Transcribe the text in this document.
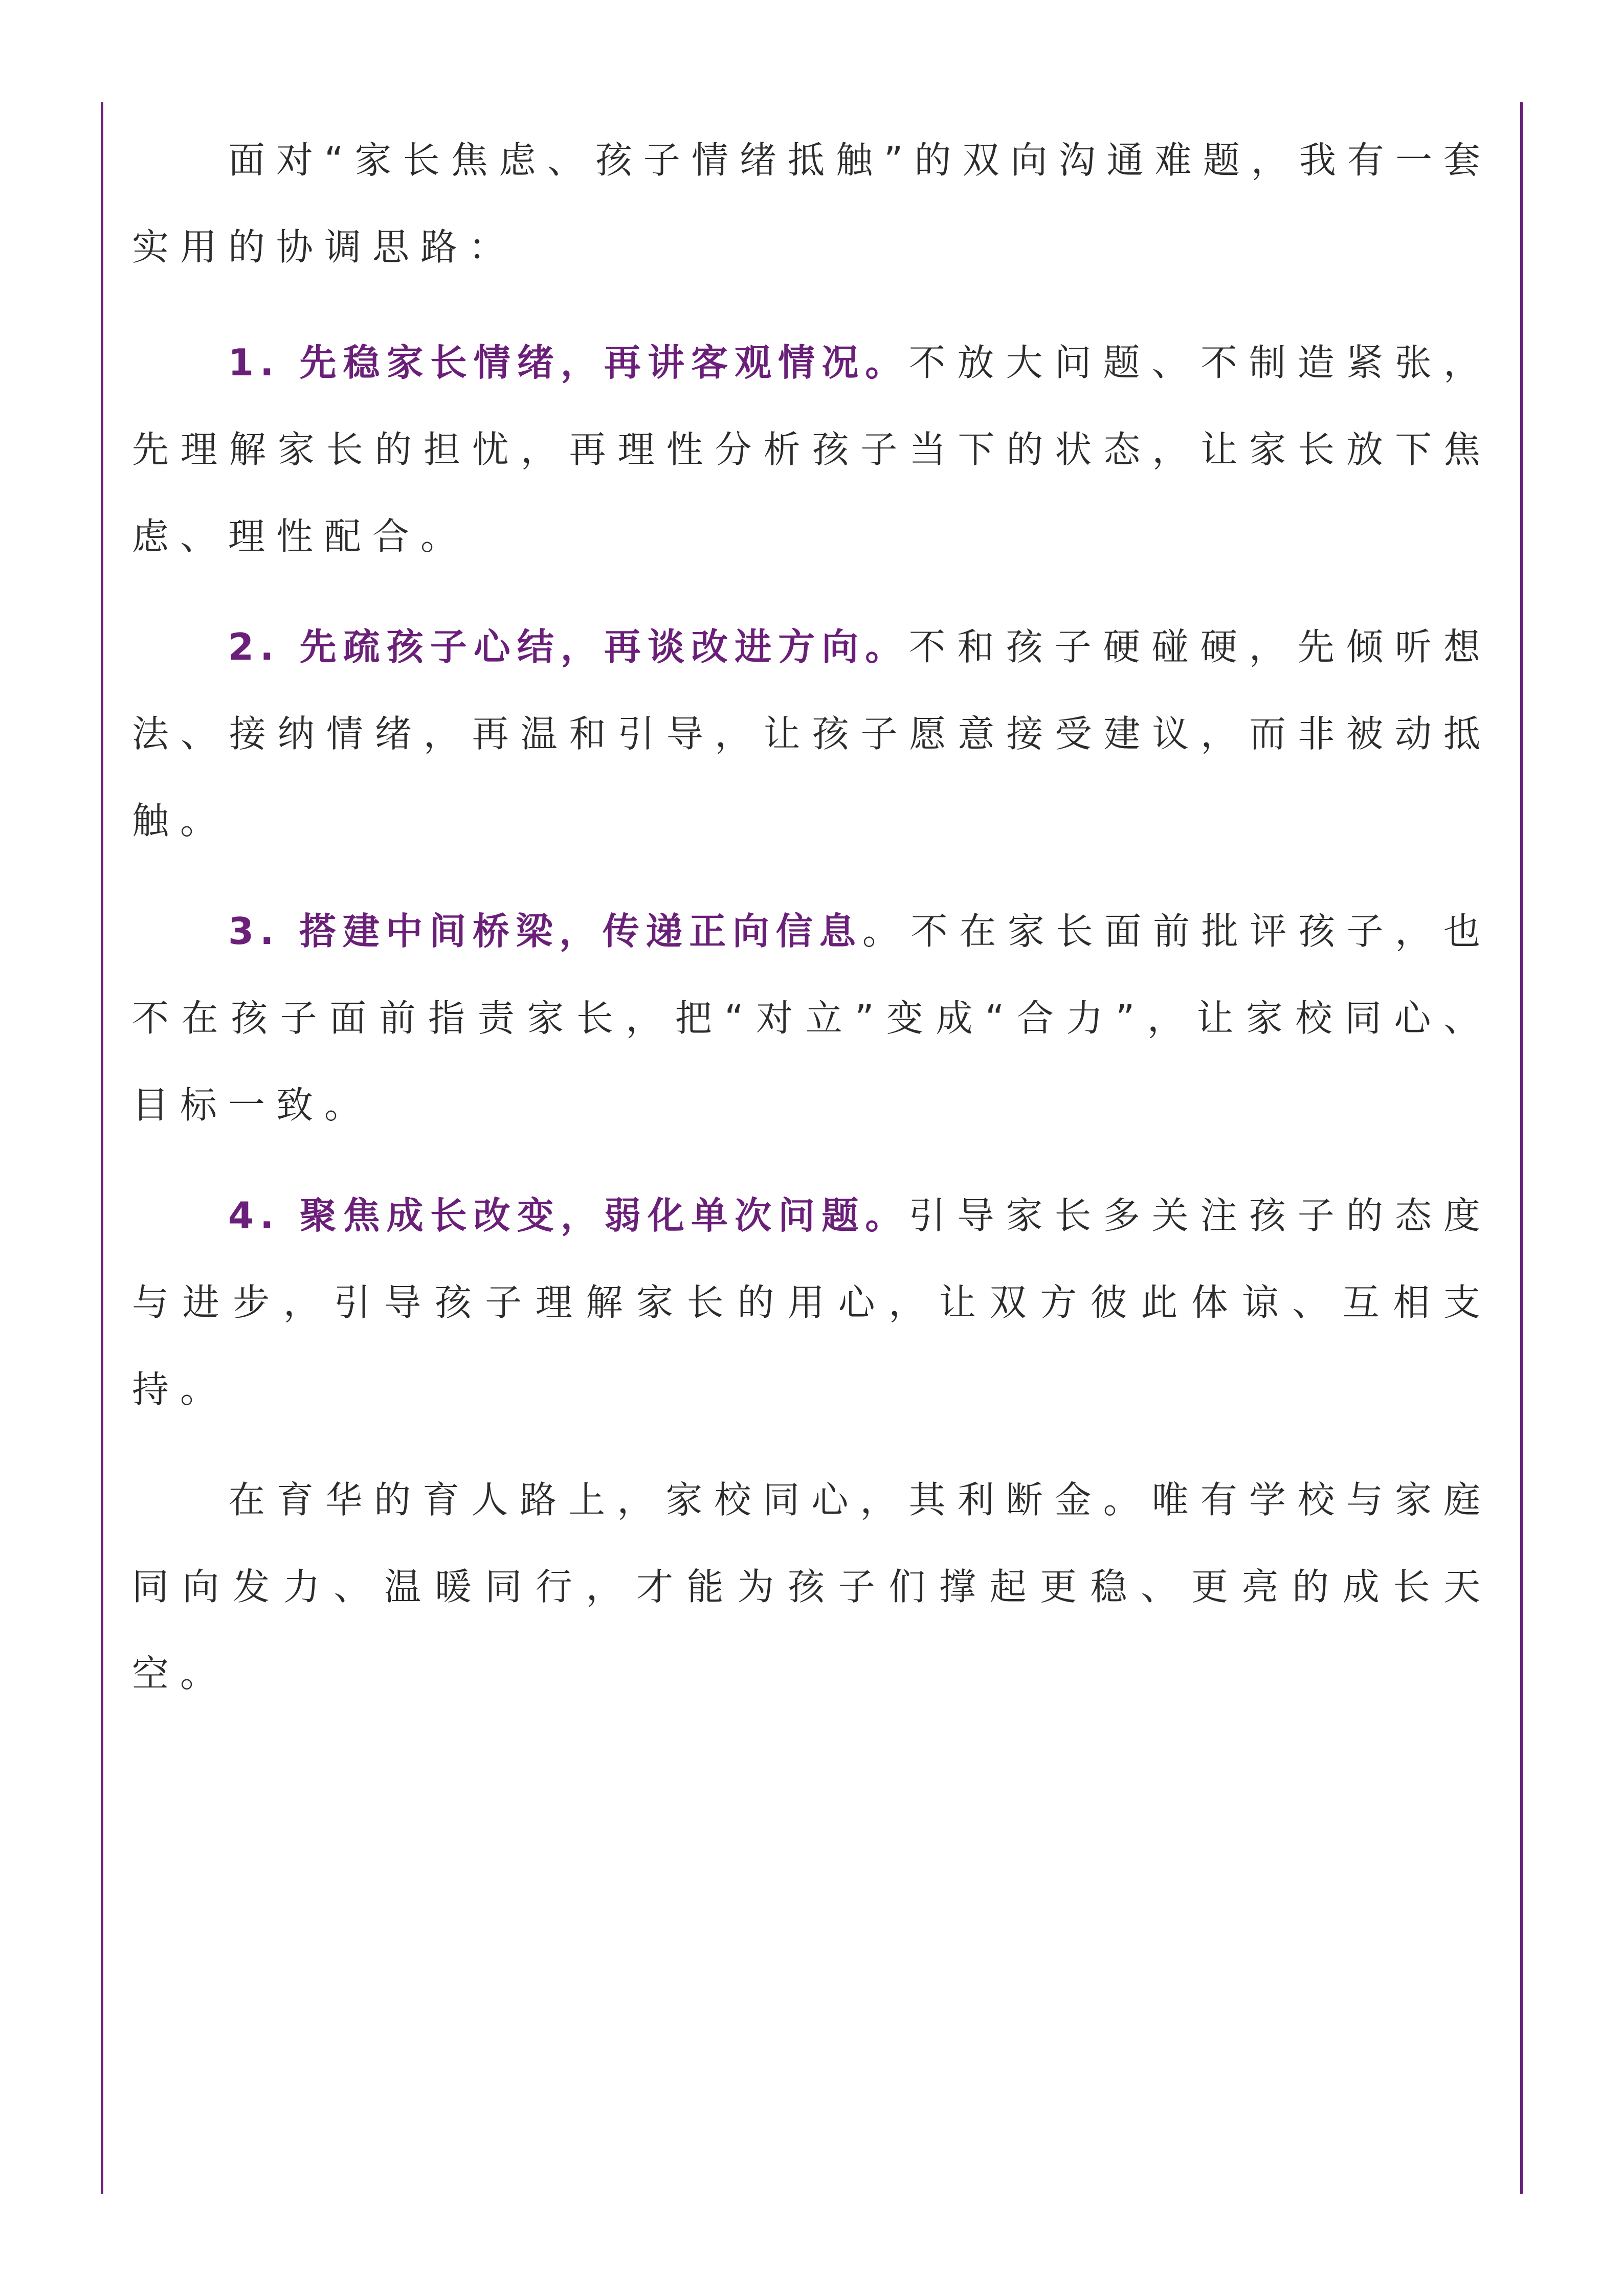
面对“家长焦虑、孩子情绪抵触”的双向沟通难题，我有一套实用的协调思路：

1. 先稳家长情绪，再讲客观情况。不放大问题、不制造紧张，先理解家长的担忧，再理性分析孩子当下的状态，让家长放下焦虑、理性配合。

2. 先疏孩子心结，再谈改进方向。不和孩子硬碰硬，先倾听想法、接纳情绪，再温和引导，让孩子愿意接受建议，而非被动抵触。

3. 搭建中间桥梁，传递正向信息。不在家长面前批评孩子，也不在孩子面前指责家长，把“对立”变成“合力”，让家校同心、目标一致。

4. 聚焦成长改变，弱化单次问题。引导家长多关注孩子的态度与进步，引导孩子理解家长的用心，让双方彼此体谅、互相支持。

在育华的育人路上，家校同心，其利断金。唯有学校与家庭同向发力、温暖同行，才能为孩子们撑起更稳、更亮的成长天空。
